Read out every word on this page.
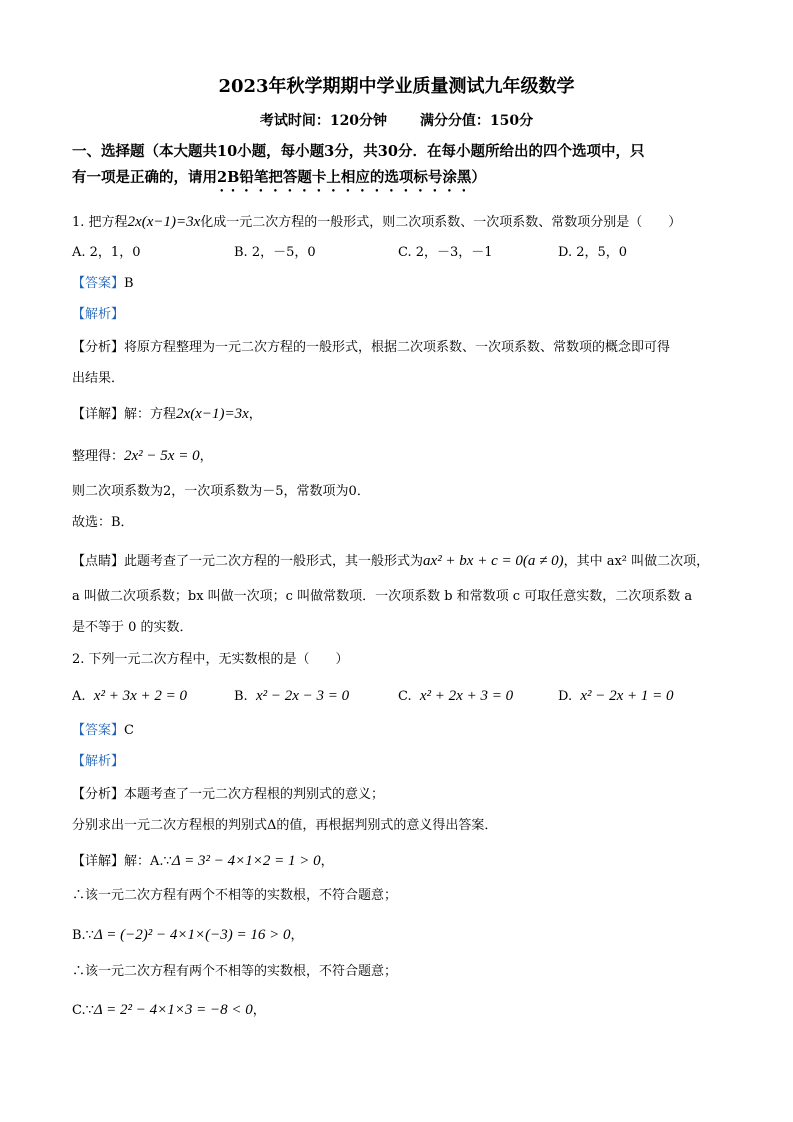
2023年秋学期期中学业质量测试九年级数学
考试时间：120分钟 满分分值：150分
一、选择题（本大题共10小题，每小题3分，共30分．在每小题所给出的四个选项中，只
有一项是正确的，请用2B铅笔把答题卡上相应的选项标号涂黑）
1. 把方程2x(x−1)=3x化成一元二次方程的一般形式，则二次项系数、一次项系数、常数项分别是（　　）
A. 2，1，0	B. 2，－5，0	C. 2，－3，－1	D. 2，5，0
【答案】B
【解析】
【分析】将原方程整理为一元二次方程的一般形式，根据二次项系数、一次项系数、常数项的概念即可得
出结果．
【详解】解：方程2x(x−1)=3x，
整理得：2x² − 5x = 0，
则二次项系数为2，一次项系数为－5，常数项为0．
故选：B．
【点睛】此题考查了一元二次方程的一般形式，其一般形式为ax² + bx + c = 0(a ≠ 0)，其中 ax² 叫做二次项，
a 叫做二次项系数；bx 叫做一次项；c 叫做常数项．一次项系数 b 和常数项 c 可取任意实数，二次项系数 a
是不等于 0 的实数．
2. 下列一元二次方程中，无实数根的是（　　）
A. x² + 3x + 2 = 0	B. x² − 2x − 3 = 0	C. x² + 2x + 3 = 0	D. x² − 2x + 1 = 0
【答案】C
【解析】
【分析】本题考查了一元二次方程根的判别式的意义；
分别求出一元二次方程根的判别式Δ的值，再根据判别式的意义得出答案．
【详解】解：A.∵Δ = 3² − 4×1×2 = 1 > 0，
∴该一元二次方程有两个不相等的实数根，不符合题意；
B.∵Δ = (−2)² − 4×1×(−3) = 16 > 0，
∴该一元二次方程有两个不相等的实数根，不符合题意；
C.∵Δ = 2² − 4×1×3 = −8 < 0，
